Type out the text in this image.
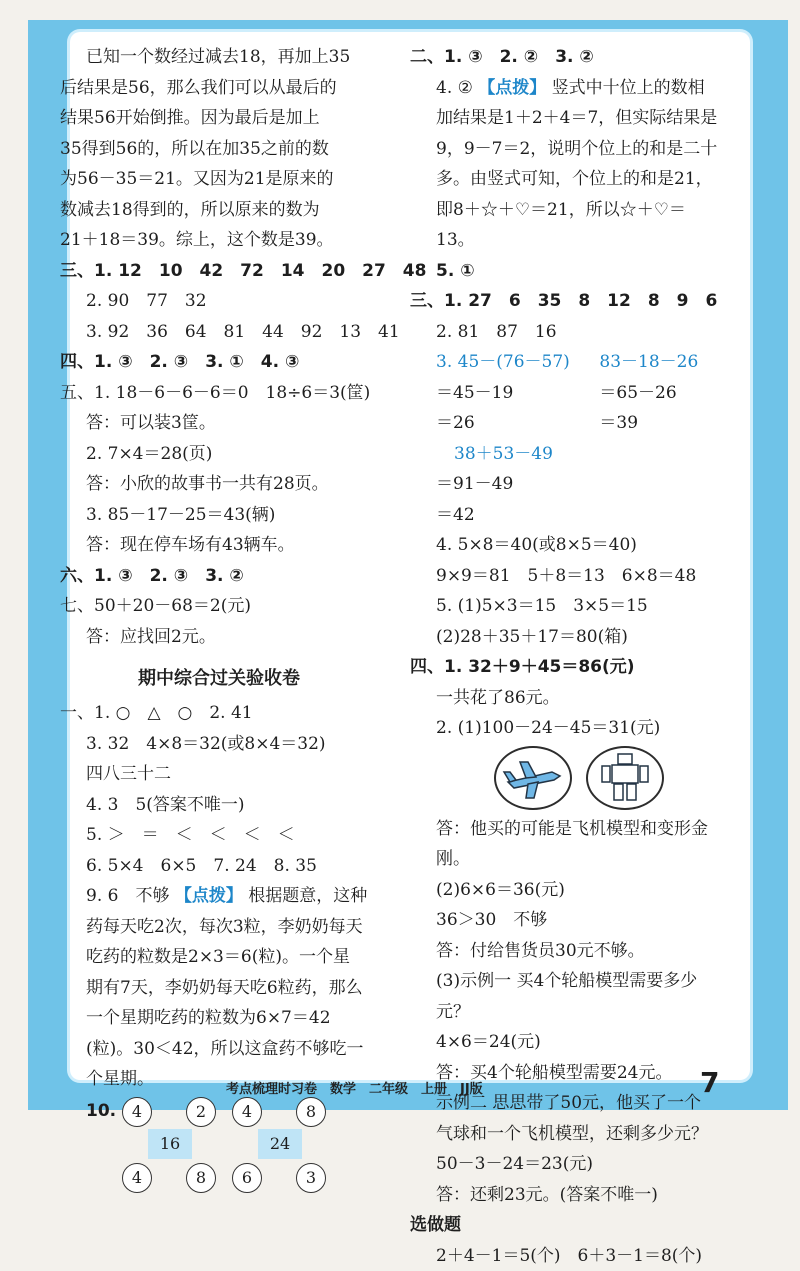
已知一个数经过减去18，再加上35
后结果是56，那么我们可以从最后的
结果56开始倒推。因为最后是加上
35得到56的，所以在加35之前的数
为56－35＝21。又因为21是原来的
数减去18得到的，所以原来的数为
21＋18＝39。综上，这个数是39。
三、1. 12　10　42　72　14　20　27　48
2. 90　77　32
3. 92　36　64　81　44　92　13　41
四、1. ③　2. ③　3. ①　4. ③
五、1. 18－6－6－6＝0　18÷6＝3(筐)
答：可以装3筐。
2. 7×4＝28(页)
答：小欣的故事书一共有28页。
3. 85－17－25＝43(辆)
答：现在停车场有43辆车。
六、1. ③　2. ③　3. ②
七、50＋20－68＝2(元)
答：应找回2元。
期中综合过关验收卷
一、1. ○　△　○　2. 41
3. 32　4×8＝32(或8×4＝32)
四八三十二
4. 3　5(答案不唯一)
5. ＞　＝　＜　＜　＜　＜
6. 5×4　6×5　7. 24　8. 35
9. 6　不够 【点拨】 根据题意，这种
药每天吃2次，每次3粒，李奶奶每天
吃药的粒数是2×3＝6(粒)。一个星
期有7天，李奶奶每天吃6粒药，那么
一个星期吃药的粒数为6×7＝42
(粒)。30＜42，所以这盒药不够吃一
个星期。
10. 4	2	4	8
16	24
4	8	6	3
二、1. ③　2. ②　3. ②
4. ② 【点拨】 竖式中十位上的数相
加结果是1＋2＋4＝7，但实际结果是
9，9－7＝2，说明个位上的和是二十
多。由竖式可知，个位上的和是21，
即8＋☆＋♡＝21，所以☆＋♡＝
13。
5. ①
三、1. 27　6　35　8　12　8　9　6
2. 81　87　16
3. 45－(76－57) 83－18－26
＝45－19	＝65－26
＝26	＝39
38＋53－49
＝91－49
＝42
4. 5×8＝40(或8×5＝40)
9×9＝81　5＋8＝13　6×8＝48
5. (1)5×3＝15　3×5＝15
(2)28＋35＋17＝80(箱)
四、1. 32＋9＋45＝86(元)
一共花了86元。
2. (1)100－24－45＝31(元)
答：他买的可能是飞机模型和变形金
刚。
(2)6×6＝36(元)
36＞30　不够
答：付给售货员30元不够。
(3)示例一 买4个轮船模型需要多少
元？
4×6＝24(元)
答：买4个轮船模型需要24元。
示例二 思思带了50元，他买了一个
气球和一个飞机模型，还剩多少元？
50－3－24＝23(元)
答：还剩23元。(答案不唯一)
选做题
2＋4－1＝5(个)　6＋3－1＝8(个)
考点梳理时习卷　数学　二年级　上册　JJ版	7
